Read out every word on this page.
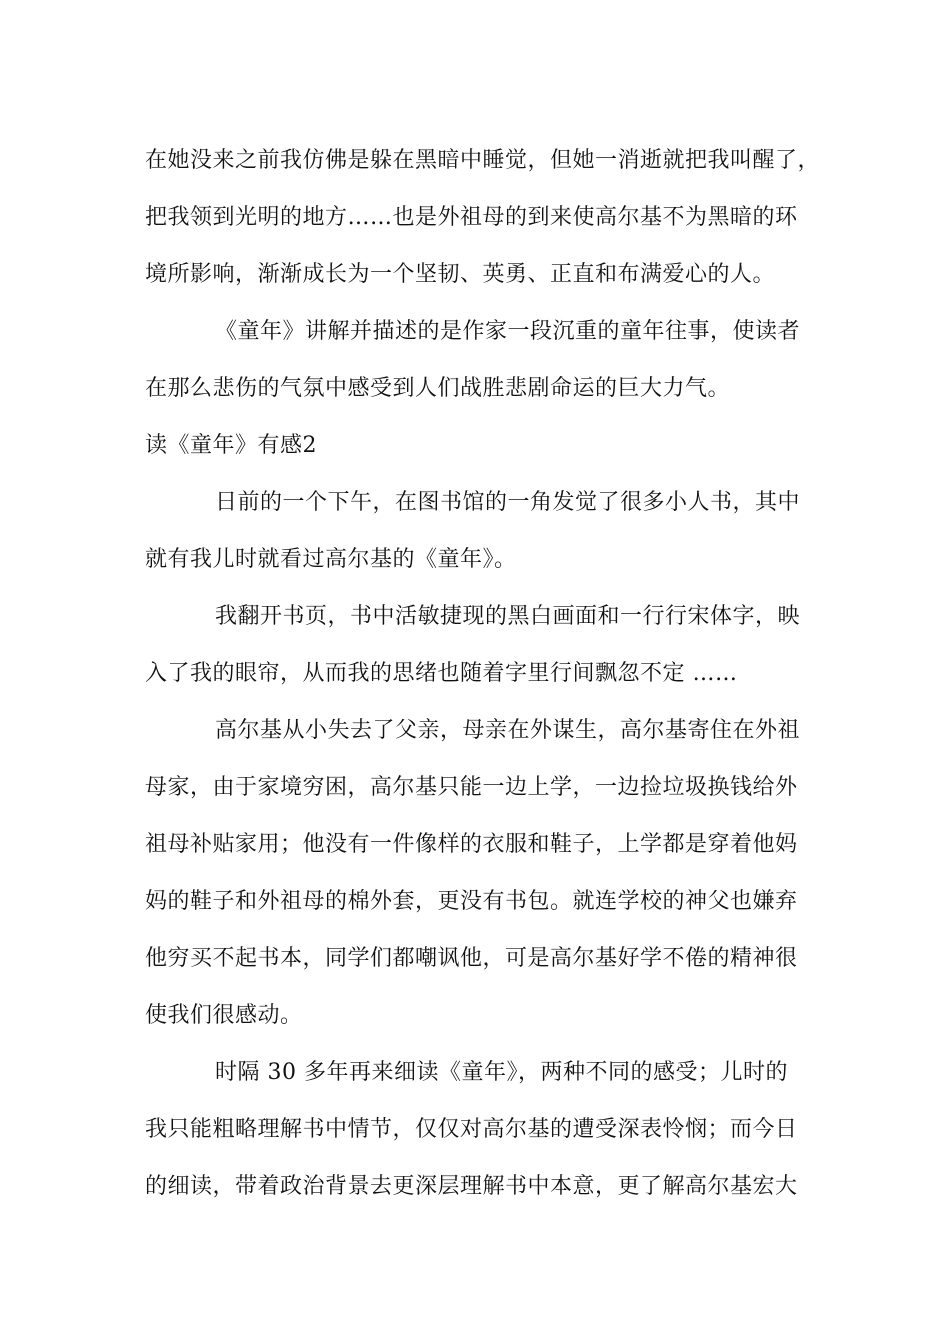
在她没来之前我仿佛是躲在黑暗中睡觉，但她一消逝就把我叫醒了，
把我领到光明的地方……也是外祖母的到来使高尔基不为黑暗的环
境所影响，渐渐成长为一个坚韧、英勇、正直和布满爱心的人。
《童年》讲解并描述的是作家一段沉重的童年往事，使读者
在那么悲伤的气氛中感受到人们战胜悲剧命运的巨大力气。
读《童年》有感2
日前的一个下午，在图书馆的一角发觉了很多小人书，其中
就有我儿时就看过高尔基的《童年》。
我翻开书页，书中活敏捷现的黑白画面和一行行宋体字，映
入了我的眼帘，从而我的思绪也随着字里行间飘忽不定 ……
高尔基从小失去了父亲，母亲在外谋生，高尔基寄住在外祖
母家，由于家境穷困，高尔基只能一边上学，一边捡垃圾换钱给外
祖母补贴家用；他没有一件像样的衣服和鞋子，上学都是穿着他妈
妈的鞋子和外祖母的棉外套，更没有书包。就连学校的神父也嫌弃
他穷买不起书本，同学们都嘲讽他，可是高尔基好学不倦的精神很
使我们很感动。
时隔 30 多年再来细读《童年》，两种不同的感受；儿时的
我只能粗略理解书中情节，仅仅对高尔基的遭受深表怜悯；而今日
的细读，带着政治背景去更深层理解书中本意，更了解高尔基宏大
